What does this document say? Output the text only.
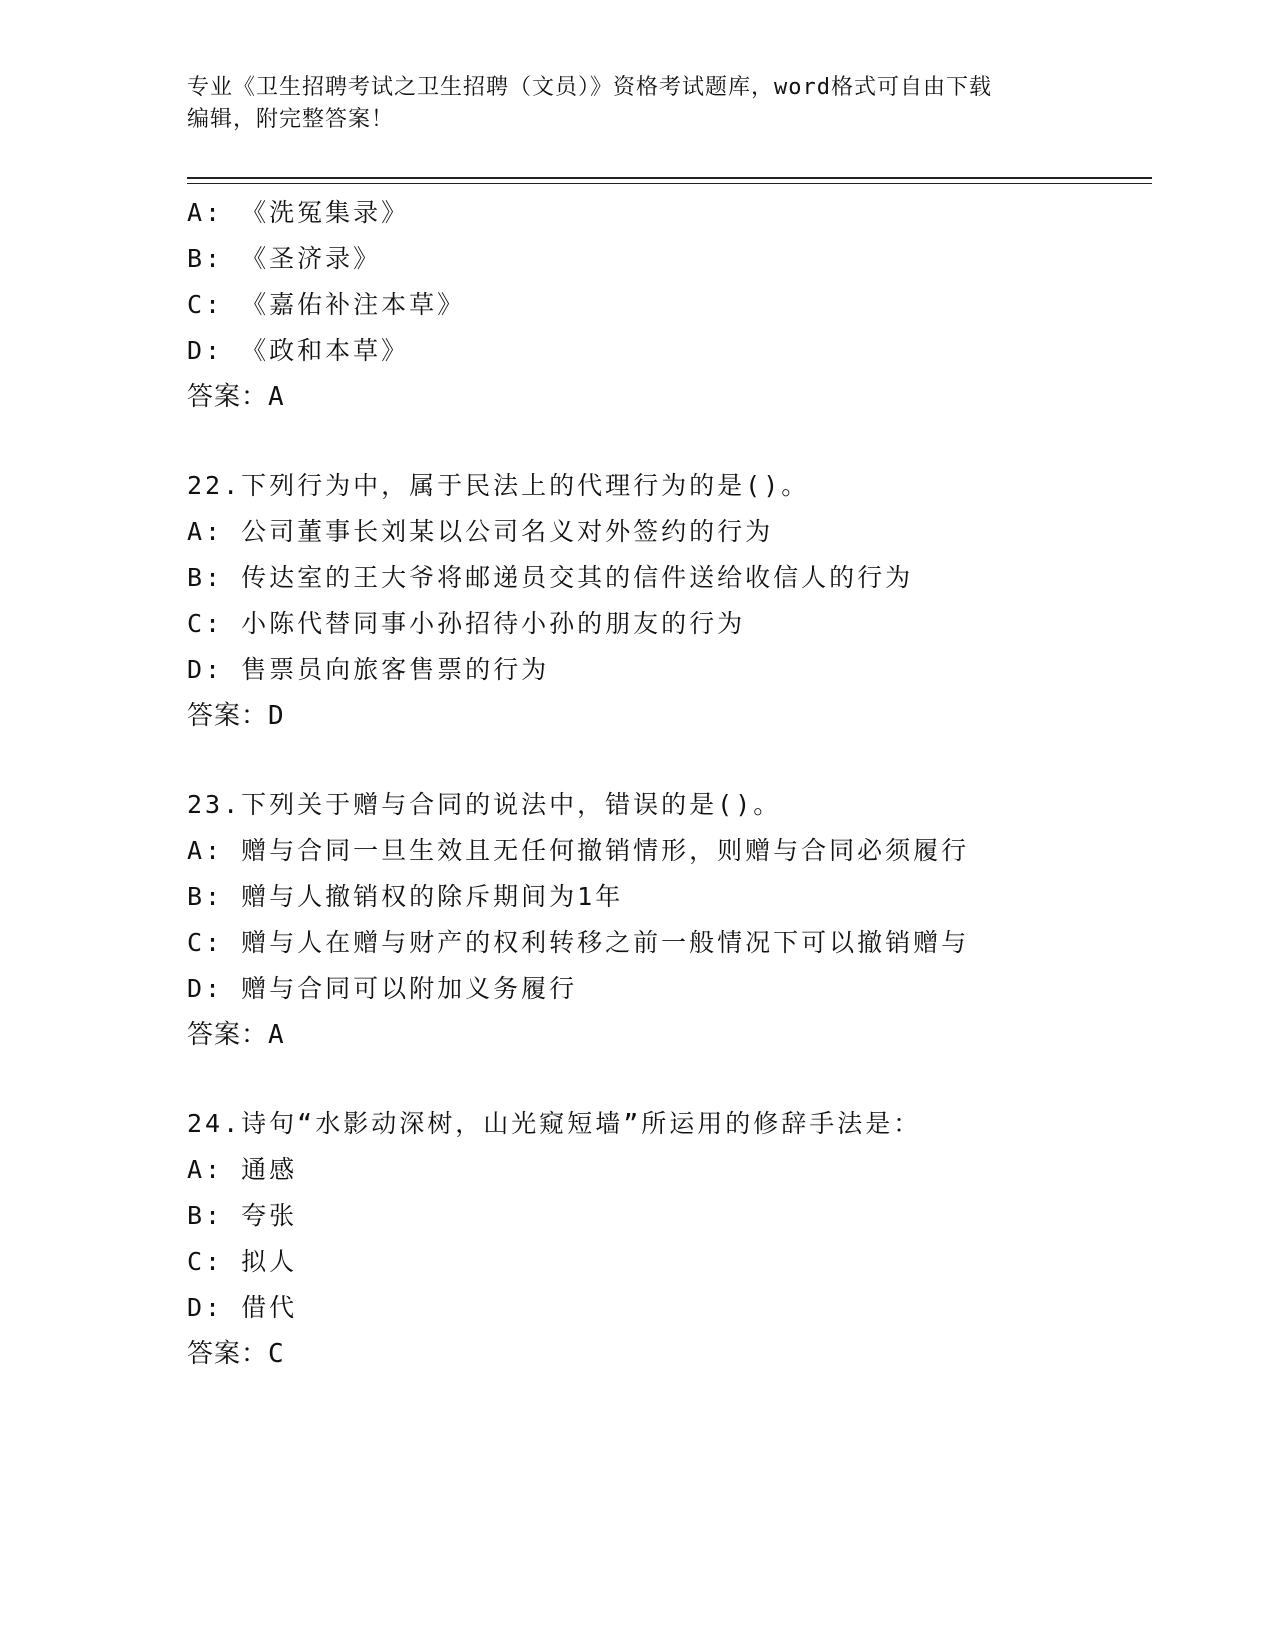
专业《卫生招聘考试之卫生招聘（文员）》资格考试题库，word格式可自由下载
编辑，附完整答案！
A: 《洗冤集录》
B: 《圣济录》
C: 《嘉佑补注本草》
D: 《政和本草》
答案：A
22.下列行为中，属于民法上的代理行为的是()。
A: 公司董事长刘某以公司名义对外签约的行为
B: 传达室的王大爷将邮递员交其的信件送给收信人的行为
C: 小陈代替同事小孙招待小孙的朋友的行为
D: 售票员向旅客售票的行为
答案：D
23.下列关于赠与合同的说法中，错误的是()。
A: 赠与合同一旦生效且无任何撤销情形，则赠与合同必须履行
B: 赠与人撤销权的除斥期间为1年
C: 赠与人在赠与财产的权利转移之前一般情况下可以撤销赠与
D: 赠与合同可以附加义务履行
答案：A
24.诗句“水影动深树，山光窥短墙”所运用的修辞手法是：
A: 通感
B: 夸张
C: 拟人
D: 借代
答案：C
